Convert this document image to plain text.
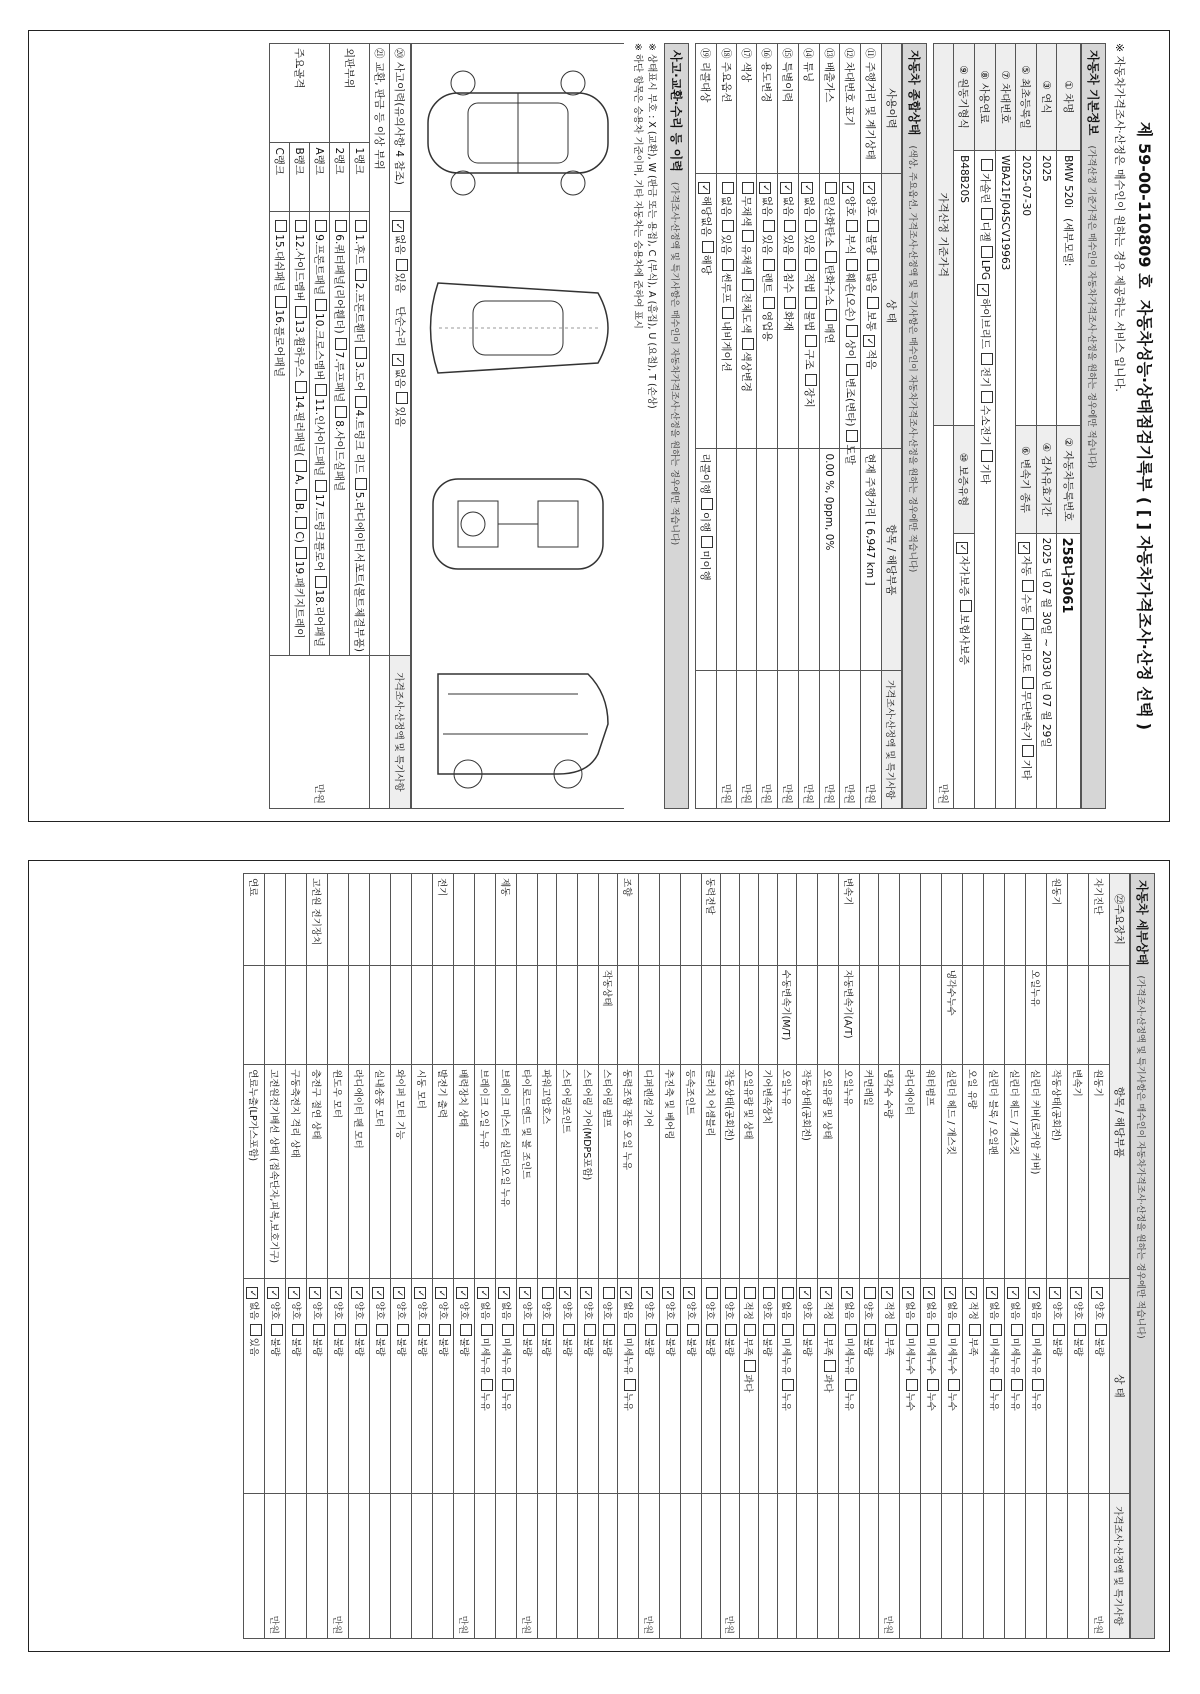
제 59-00-110809 호  자동차성능·상태점검기록부 ( [ ] 자동차가격조사·산정 선택 )
※ 자동차가격조사·산정은 매수인이 원하는 경우 제공하는 서비스 입니다.
자동차 기본정보 (가격산정 기준가격은 매수인이 자동차가격조사·산정을 원하는 경우에만 적습니다)
① 차명	BMW 520i   (세부모델:	② 자동차등록번호	258나3061
③ 연식	2025	④ 검사유효기간	2025 년 07 월 30일 ~ 2030 년 07 월 29일
⑤ 최초등록일	2025-07-30	⑥ 변속기 종류	✓자동수동세미오토무단변속기기타
⑦ 차대번호	WBA21FJ04SCV19963		
⑧ 사용연료	가솔린디젤LPG✓하이브리드전기수소전기기타
⑨ 원동기형식	B48B20S	⑩ 보증유형	✓자가보증보험사보증
가격산정 기준가격		만원	
자동차 종합상태 (색상, 주요옵션, 가격조사·산정액 및 특기사항은 매수인이 자동차가격조사·산정을 원하는 경우에만 적습니다)
사용이력	상 태	항목 / 해당부품	가격조사·산정액 및 특기사항
⑪ 주행거리 및 계기상태	✓양호불량많음보통✓적음	현재 주행거리 [ 6,947 km ]	만원
⑫ 차대번호 표기	✓양호부식훼손(오손)상이변조(변타)도말		만원
⑬ 배출가스	일산화탄소탄화수소매연	0.00 %, 0ppm, 0%	만원
⑭ 튜닝	✓없음있음적법불법구조장치		만원
⑮ 특별이력	✓없음있음침수화재		만원
⑯ 용도변경	✓없음있음렌트영업용		만원
⑰ 색상	무채색유채색전체도색색상변경		만원
⑱ 주요옵션	없음있음썬루프내비게이션		만원
⑲ 리콜대상	✓해당없음해당	리콜이행이행미이행	
사고·교환·수리 등 이력 (가격조사·산정액 및 특기사항은 매수인이 자동차가격조사·산정을 원하는 경우에만 적습니다)
※ 상태표시 부호 : X (교환), W (판금 또는 용접), C (부식), A (흠집), U (요철), T (손상)
※ 하단 항목은 승용차 기준이며, 기타 자동차는 승용차에 준하여 표시
⑳ 사고이력(유의사항 4 참조)	✓없음있음    단순수리 ✓없음있음	가격조사·산정액 및 특기사항
㉑ 교환, 판금 등 이상 부위			
외판부위	1랭크	1.후드2.프론트휀더3.도어4.트렁크 리드5.라디에이터서포트(볼트체결부품)	만원
	2랭크	6.쿼터패널(리어휀더)7.루프패널8.사이드실패널	
주요골격	A랭크	9.프론트패널10.크로스멤버11.인사이드패널17.트렁크플로어18.리어패널	
	B랭크	12.사이드멤버13.휠하우스14.필러패널(A,B,C)19.패키지트레이	
	C랭크	15.대쉬패널16.플로어패널	
자동차 세부상태 (가격조사·산정액 및 특기사항은 매수인이 자동차가격조사·산정을 원하는 경우에만 적습니다)
㉒주요장치	항목 / 해당부품		상 태	가격조사·산정액 및 특기사항
자기진단		원동기	✓양호불량	만원
		변속기	✓양호불량	
원동기		작동상태(공회전)	✓양호불량	
	오일누유	실린더 커버(로커암 커버)	✓없음미세누유누유	
		실린더 헤드 / 개스킷	✓없음미세누유누유	
		실린더 블록 / 오일팬	✓없음미세누유누유	
		오일 유량	✓적정부족	
	냉각수누수	실린더 헤드 / 개스킷	✓없음미세누수누수	
		워터펌프	✓없음미세누수누수	
		라디에이터	✓없음미세누수누수	
		냉각수 수량	✓적정부족	만원
		커먼레일	양호불량	
변속기	자동변속기(A/T)	오일누유	✓없음미세누유누유	
		오일유량 및 상태	✓적정부족과다	
		작동상태(공회전)	✓양호불량	
	수동변속기(M/T)	오일누유	없음미세누유누유	
		기어변속장치	양호불량	
		오일유량 및 상태	적정부족과다	
		작동상태(공회전)	양호불량	만원
동력전달		클러치 어셈블리	양호불량	
		등속조인트	✓양호불량	
		추진축 및 베어링	✓양호불량	
		디퍼렌셜 기어	✓양호불량	만원
조향		동력조향 작동 오일 누유	✓없음미세누유누유	
	작동상태	스티어링 펌프	양호불량	
		스티어링 기어(MDPS포함)	✓양호불량	
		스티어링조인트	✓양호불량	
		파워고압호스	양호불량	
		타이로드엔드 및 볼 조인트	✓양호불량	만원
제동		브레이크 마스터 실린더오일 누유	✓없음미세누유누유	
		브레이크 오일 누유	✓없음미세누유누유	
		배력장치 상태	✓양호불량	만원
전기		발전기 출력	✓양호불량	
		시동 모터	✓양호불량	
		와이퍼 모터 기능	✓양호불량	
		실내송풍 모터	✓양호불량	
		라디에이터 팬 모터	✓양호불량	
		윈도우 모터	✓양호불량	만원
고전원 전기장치		충전구 절연 상태	✓양호불량	
		구동축전지 격리 상태	✓양호불량	
		고전원전기배선 상태 (접속단자,피복,보호기구)	✓양호불량	만원
연료		연료누출(LP가스포함)	✓없음있음	
